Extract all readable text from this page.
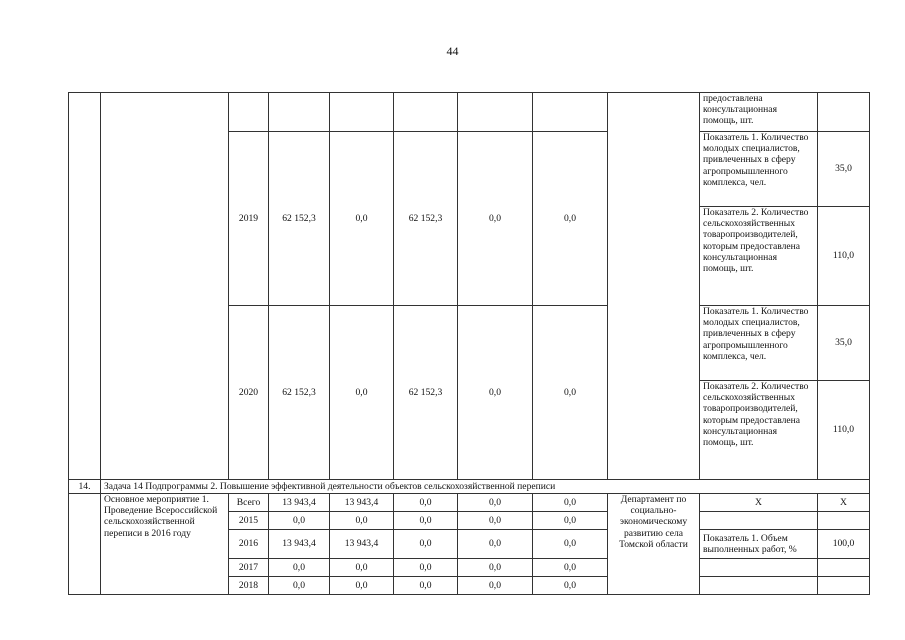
44
									предоставлена консультационная помощь, шт.	
		2019	62 152,3	0,0	62 152,3	0,0	0,0		Показатель 1. Количество молодых специалистов, привлеченных в сферу агропромышленного комплекса, чел.	35,0
									Показатель 2. Количество сельскохозяйственных товаропроизводителей, которым предоставлена консультационная помощь, шт.	110,0
		2020	62 152,3	0,0	62 152,3	0,0	0,0		Показатель 1. Количество молодых специалистов, привлеченных в сферу агропромышленного комплекса, чел.	35,0
									Показатель 2. Количество сельскохозяйственных товаропроизводителей, которым предоставлена консультационная помощь, шт.	110,0
14.	Задача 14 Подпрограммы 2. Повышение эффективной деятельности объектов сельскохозяйственной переписи									
	Основное мероприятие 1. Проведение Всероссийской сельскохозяйственной переписи в 2016 году	Всего	13 943,4	13 943,4	0,0	0,0	0,0	Департамент по социально-экономическому развитию села Томской области	X	X
		2015	0,0	0,0	0,0	0,0	0,0			
		2016	13 943,4	13 943,4	0,0	0,0	0,0		Показатель 1. Объем выполненных работ, %	100,0
		2017	0,0	0,0	0,0	0,0	0,0			
		2018	0,0	0,0	0,0	0,0	0,0			
